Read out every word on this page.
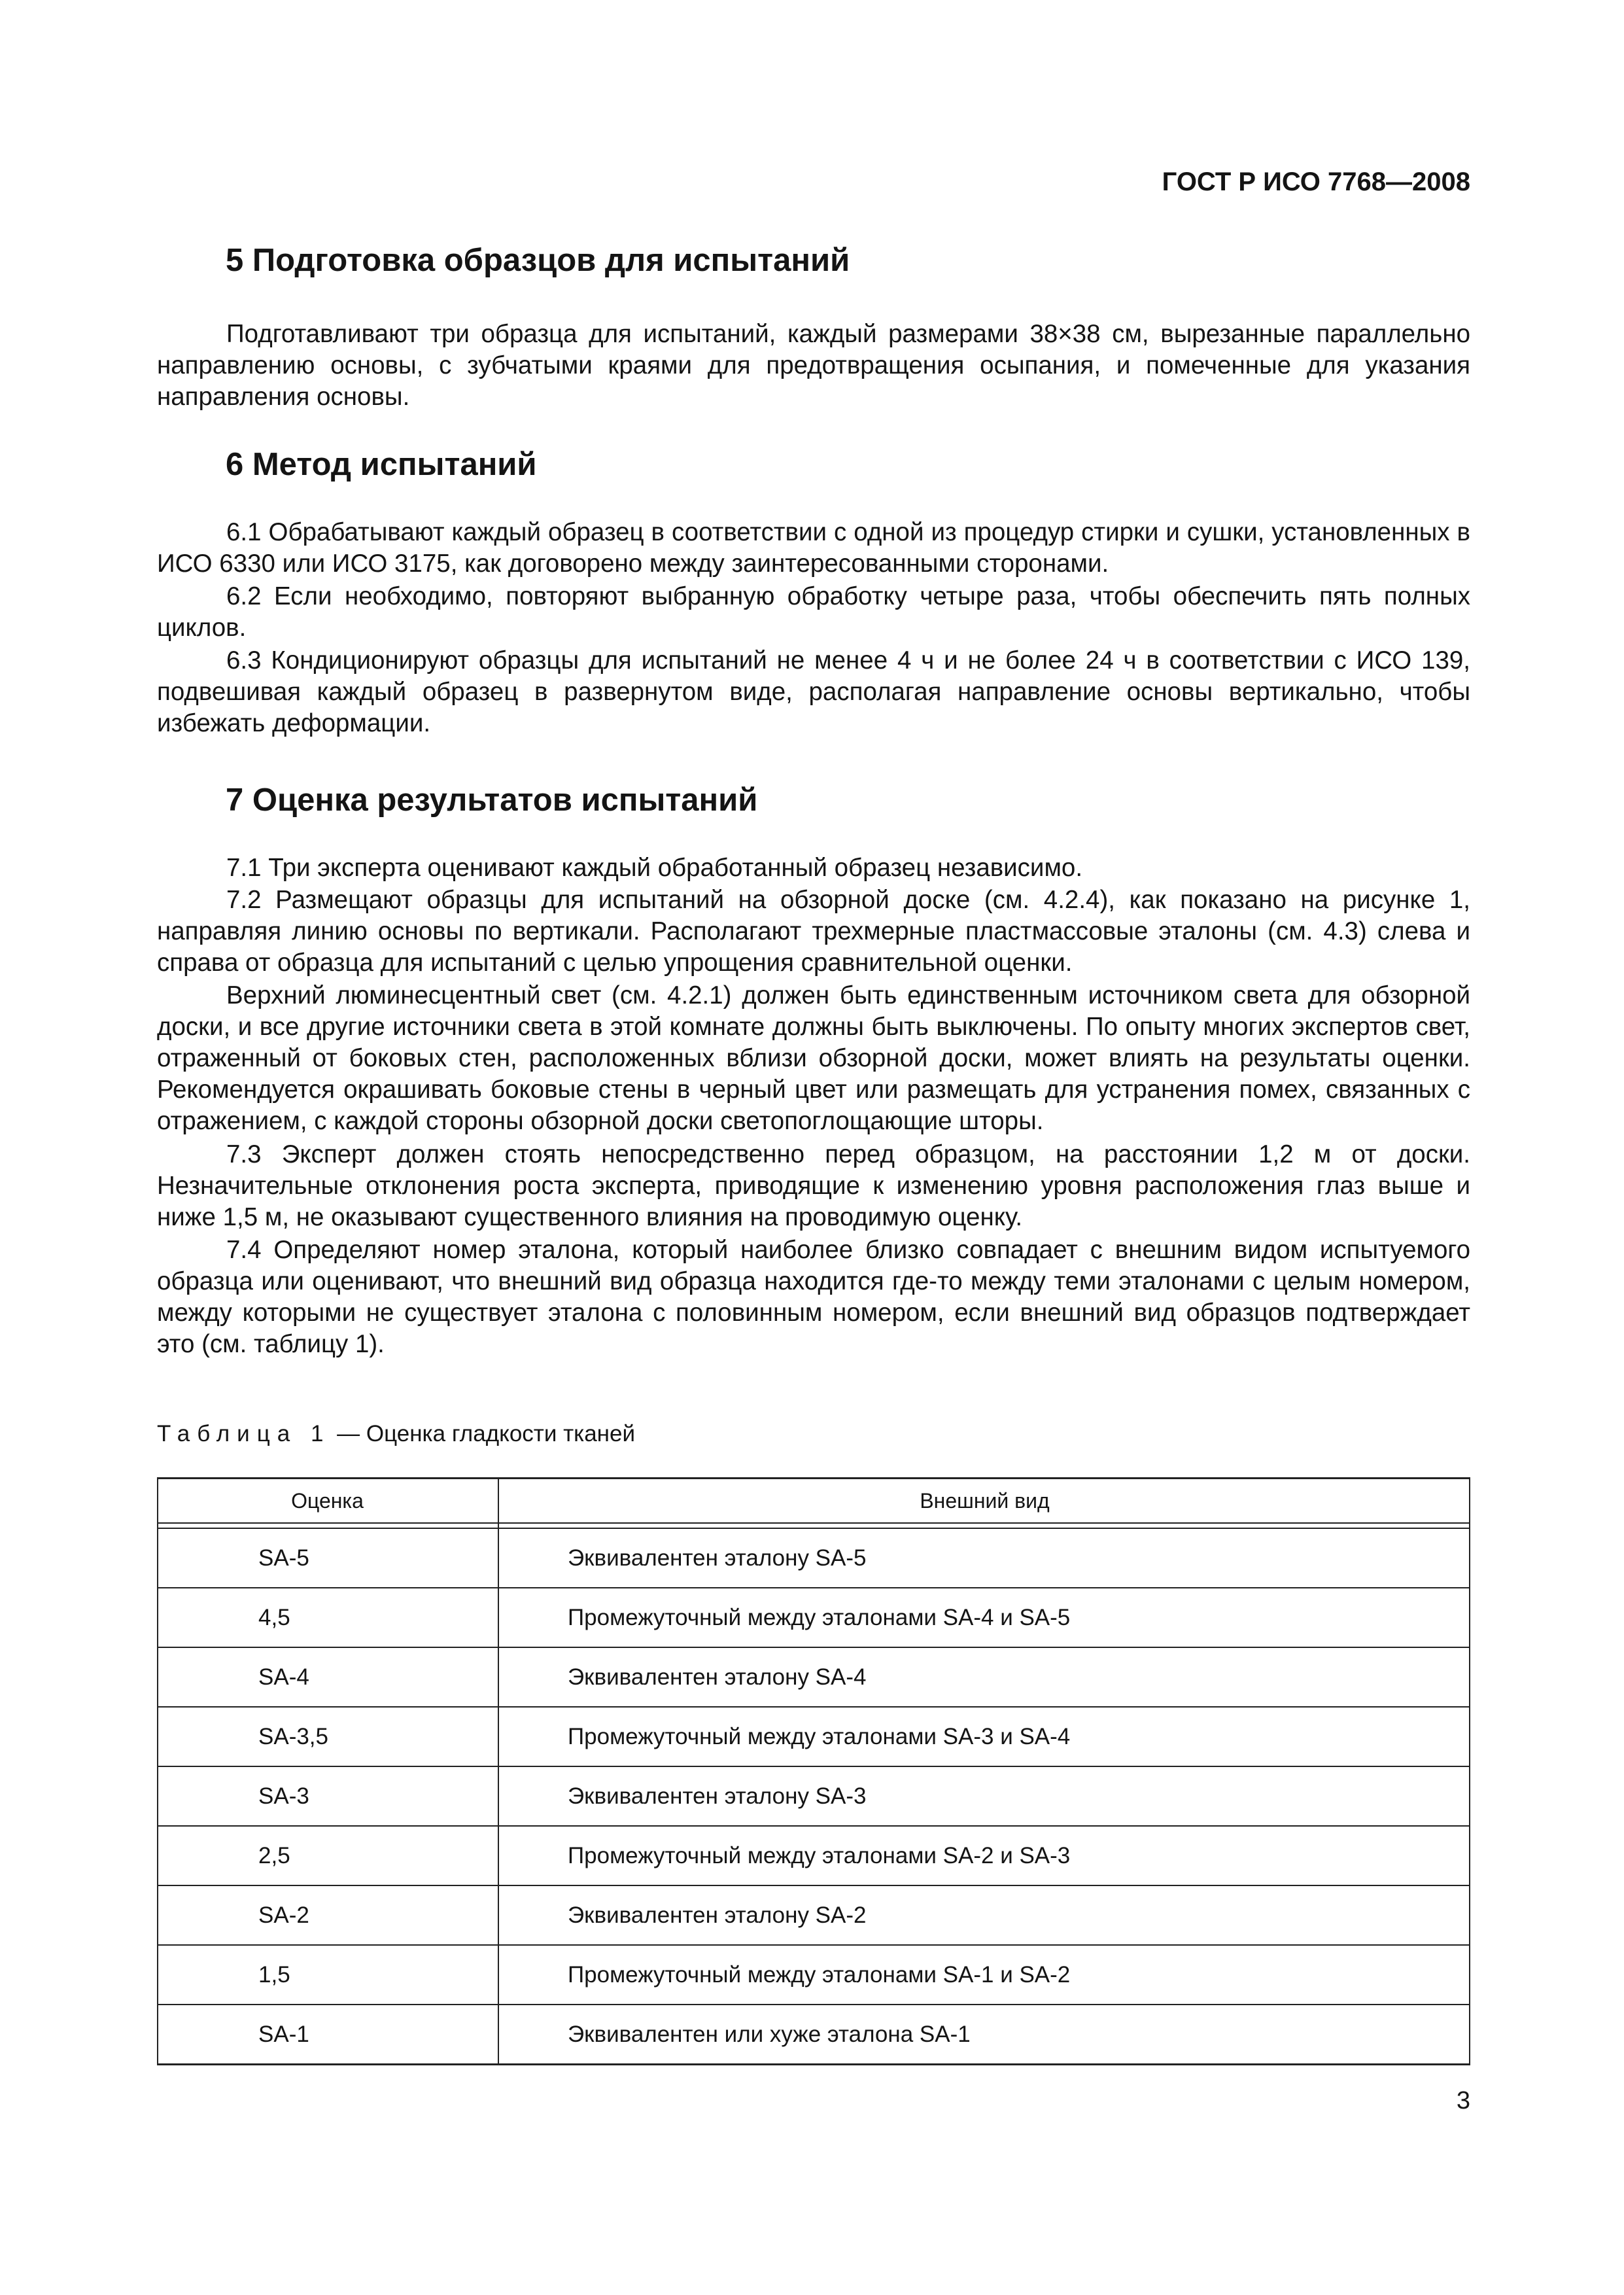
ГОСТ Р ИСО 7768—2008
5 Подготовка образцов для испытаний
Подготавливают три образца для испытаний, каждый размерами 38×38 см, вырезанные параллельно направлению основы, с зубчатыми краями для предотвращения осыпания, и помеченные для указания направления основы.
6 Метод испытаний
6.1 Обрабатывают каждый образец в соответствии с одной из процедур стирки и сушки, установленных в ИСО 6330 или ИСО 3175, как договорено между заинтересованными сторонами.
6.2 Если необходимо, повторяют выбранную обработку четыре раза, чтобы обеспечить пять полных циклов.
6.3 Кондиционируют образцы для испытаний не менее 4 ч и не более 24 ч в соответствии с ИСО 139, подвешивая каждый образец в развернутом виде, располагая направление основы вертикально, чтобы избежать деформации.
7 Оценка результатов испытаний
7.1 Три эксперта оценивают каждый обработанный образец независимо.
7.2 Размещают образцы для испытаний на обзорной доске (см. 4.2.4), как показано на рисунке 1, направляя линию основы по вертикали. Располагают трехмерные пластмассовые эталоны (см. 4.3) слева и справа от образца для испытаний с целью упрощения сравнительной оценки.
Верхний люминесцентный свет (см. 4.2.1) должен быть единственным источником света для обзорной доски, и все другие источники света в этой комнате должны быть выключены. По опыту многих экспертов свет, отраженный от боковых стен, расположенных вблизи обзорной доски, может влиять на результаты оценки. Рекомендуется окрашивать боковые стены в черный цвет или размещать для устранения помех, связанных с отражением, с каждой стороны обзорной доски светопоглощающие шторы.
7.3 Эксперт должен стоять непосредственно перед образцом, на расстоянии 1,2 м от доски. Незначительные отклонения роста эксперта, приводящие к изменению уровня расположения глаз выше и ниже 1,5 м, не оказывают существенного влияния на проводимую оценку.
7.4 Определяют номер эталона, который наиболее близко совпадает с внешним видом испытуемого образца или оценивают, что внешний вид образца находится где-то между теми эталонами с целым номером, между которыми не существует эталона с половинным номером, если внешний вид образцов подтверждает это (см. таблицу 1).
Таблица 1 — Оценка гладкости тканей
Оценка	Внешний вид

SA-5	Эквивалентен эталону SA-5
4,5	Промежуточный между эталонами SA-4 и SA-5
SA-4	Эквивалентен эталону SA-4
SA-3,5	Промежуточный между эталонами SA-3 и SA-4
SA-3	Эквивалентен эталону SA-3
2,5	Промежуточный между эталонами SA-2 и SA-3
SA-2	Эквивалентен эталону SA-2
1,5	Промежуточный между эталонами SA-1 и SA-2
SA-1	Эквивалентен или хуже эталона SA-1
3
